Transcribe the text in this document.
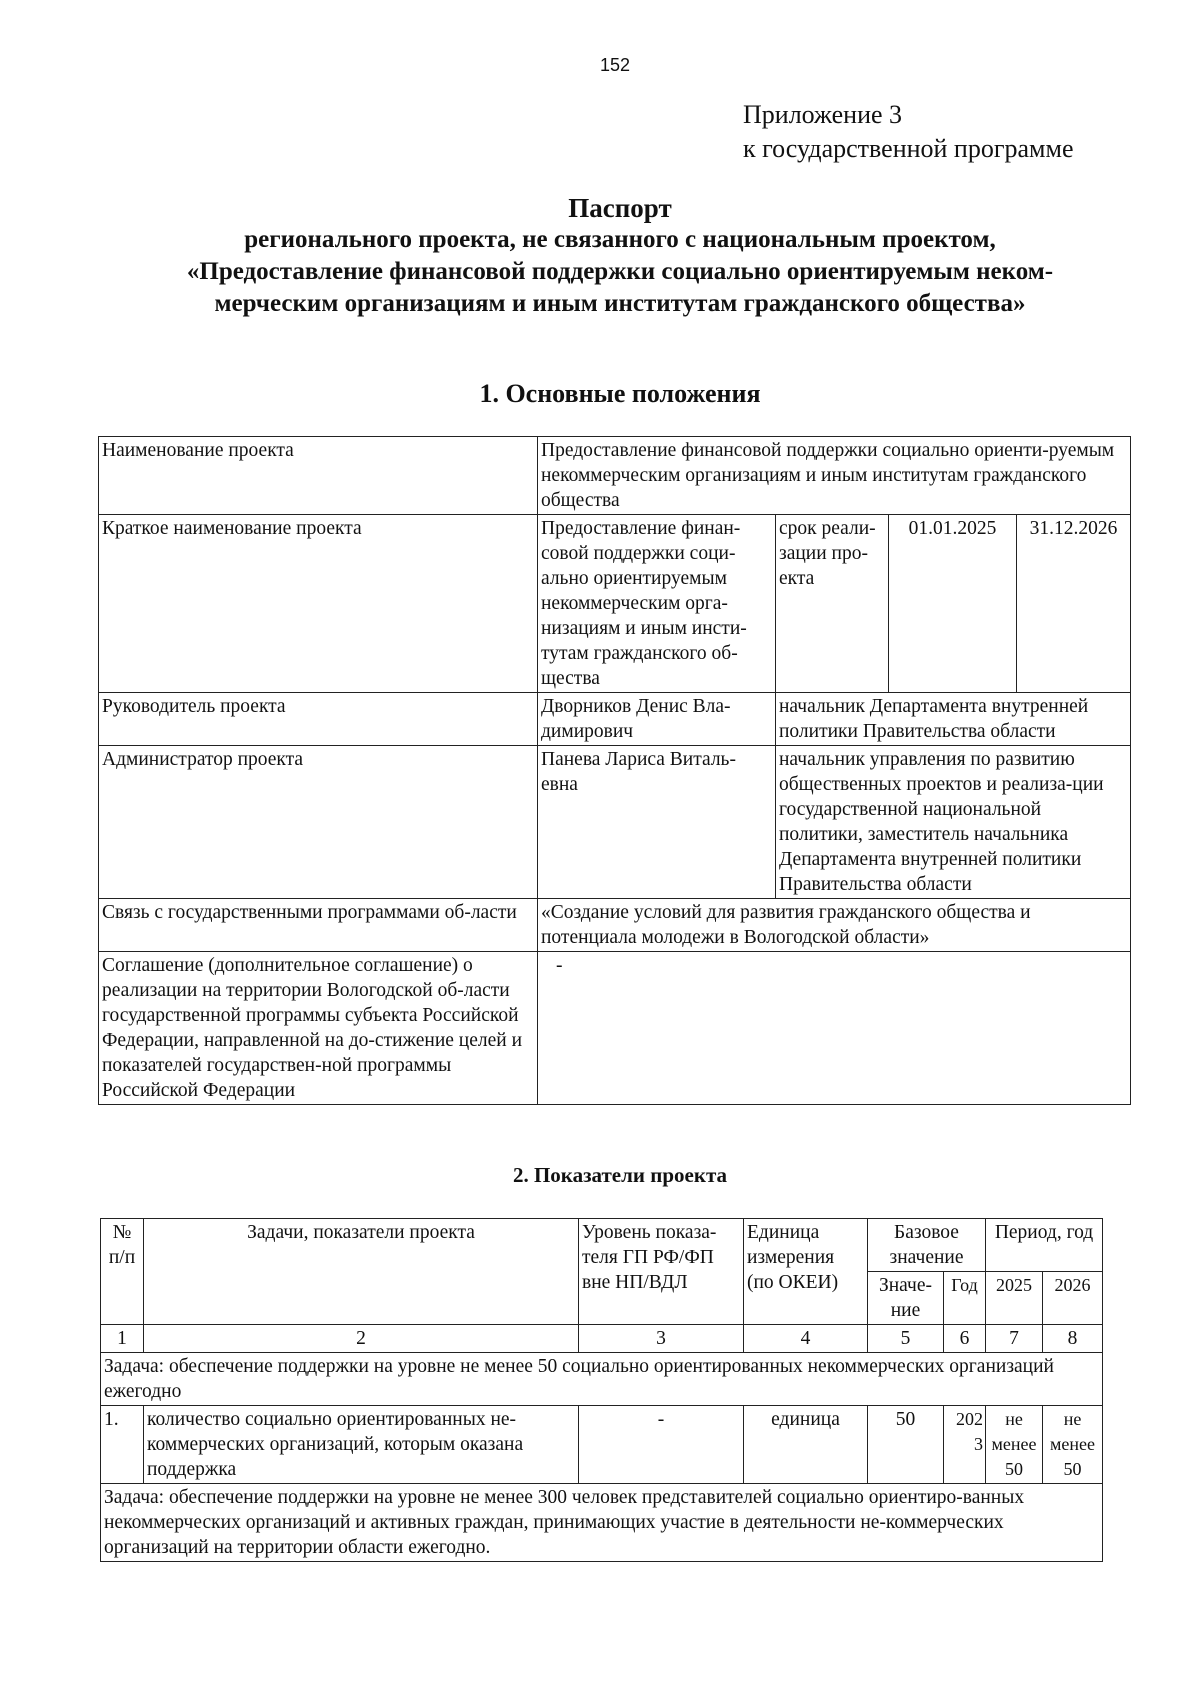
152
Приложение 3
к государственной программе
Паспорт
регионального проекта, не связанного с национальным проектом,
«Предоставление финансовой поддержки социально ориентируемым неком-
мерческим организациям и иным институтам гражданского общества»
1. Основные положения
Наименование проекта	Предоставление финансовой поддержки социально ориенти-руемым некоммерческим организациям и иным институтам гражданского общества			
Краткое наименование проекта	Предоставление финан-совой поддержки соци-ально ориентируемым некоммерческим орга-низациям и иным инсти-тутам гражданского об-щества	срок реали-зации про-екта	01.01.2025	31.12.2026
Руководитель проекта	Дворников Денис Вла-димирович	начальник Департамента внутренней политики Правительства области		
Администратор проекта	Панева Лариса Виталь-евна	начальник управления по развитию общественных проектов и реализа-ции государственной национальной политики, заместитель начальника Департамента внутренней политики Правительства области		
Связь с государственными программами об-ласти	«Создание условий для развития гражданского общества и потенциала молодежи в Вологодской области»			
Соглашение (дополнительное соглашение) о реализации на территории Вологодской об-ласти государственной программы субъекта Российской Федерации, направленной на до-стижение целей и показателей государствен-ной программы Российской Федерации	-			
2. Показатели проекта
№ п/п	Задачи, показатели проекта	Уровень показа-теля ГП РФ/ФП вне НП/ВДЛ	Единица измерения (по ОКЕИ)	Базовое значение		Период, год	
				Значе-ние	Год	2025	2026
1	2	3	4	5	6	7	8
Задача: обеспечение поддержки на уровне не менее 50 социально ориентированных некоммерческих организаций ежегодно							
1.	количество социально ориентированных не-коммерческих организаций, которым оказана поддержка	-	единица	50	202 3	не менее 50	не менее 50
Задача: обеспечение поддержки на уровне не менее 300 человек представителей социально ориентиро-ванных некоммерческих организаций и активных граждан, принимающих участие в деятельности не-коммерческих организаций на территории области ежегодно.							
